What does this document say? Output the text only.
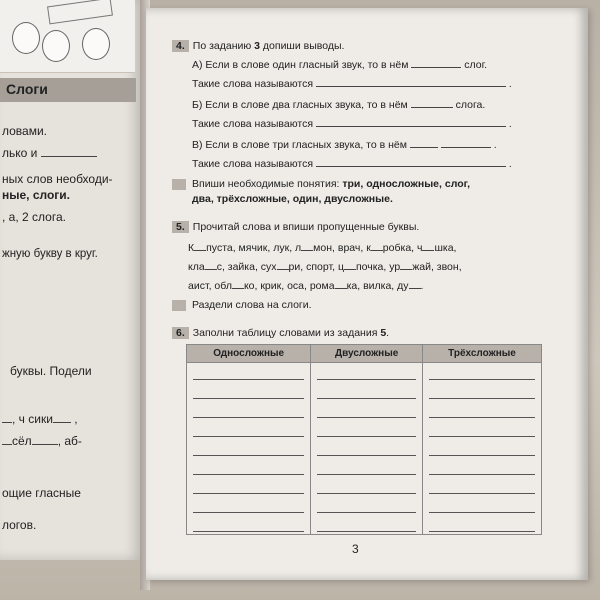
Слоги
ловами.
лько и
ных слов необходи-
ные, слоги.
, а, 2 слога.
жную букву в круг.
буквы. Подели
, ч сики ,
сёл , аб-
ощие гласные
логов.
4. По заданию 3 допиши выводы.
А) Если в слове один гласный звук, то в нём	слог.
Такие слова называются	.
Б) Если в слове два гласных звука, то в нём	слога.
Такие слова называются	.
В) Если в слове три гласных звука, то в нём	.
Такие слова называются	.
Впиши необходимые понятия: три, односложные, слог,
два, трёхсложные, один, двусложные.
5. Прочитай слова и впиши пропущенные буквы.
К пуста, мячик, лук, л мон, врач, к робка, ч шка,
кла с, зайка, сух ри, спорт, ц почка, ур жай, звон,
аист, обл ко, крик, оса, рома ка, вилка, ду .
Раздели слова на слоги.
6. Заполни таблицу словами из задания 5.
Односложные	Двусложные	Трёхсложные

3
